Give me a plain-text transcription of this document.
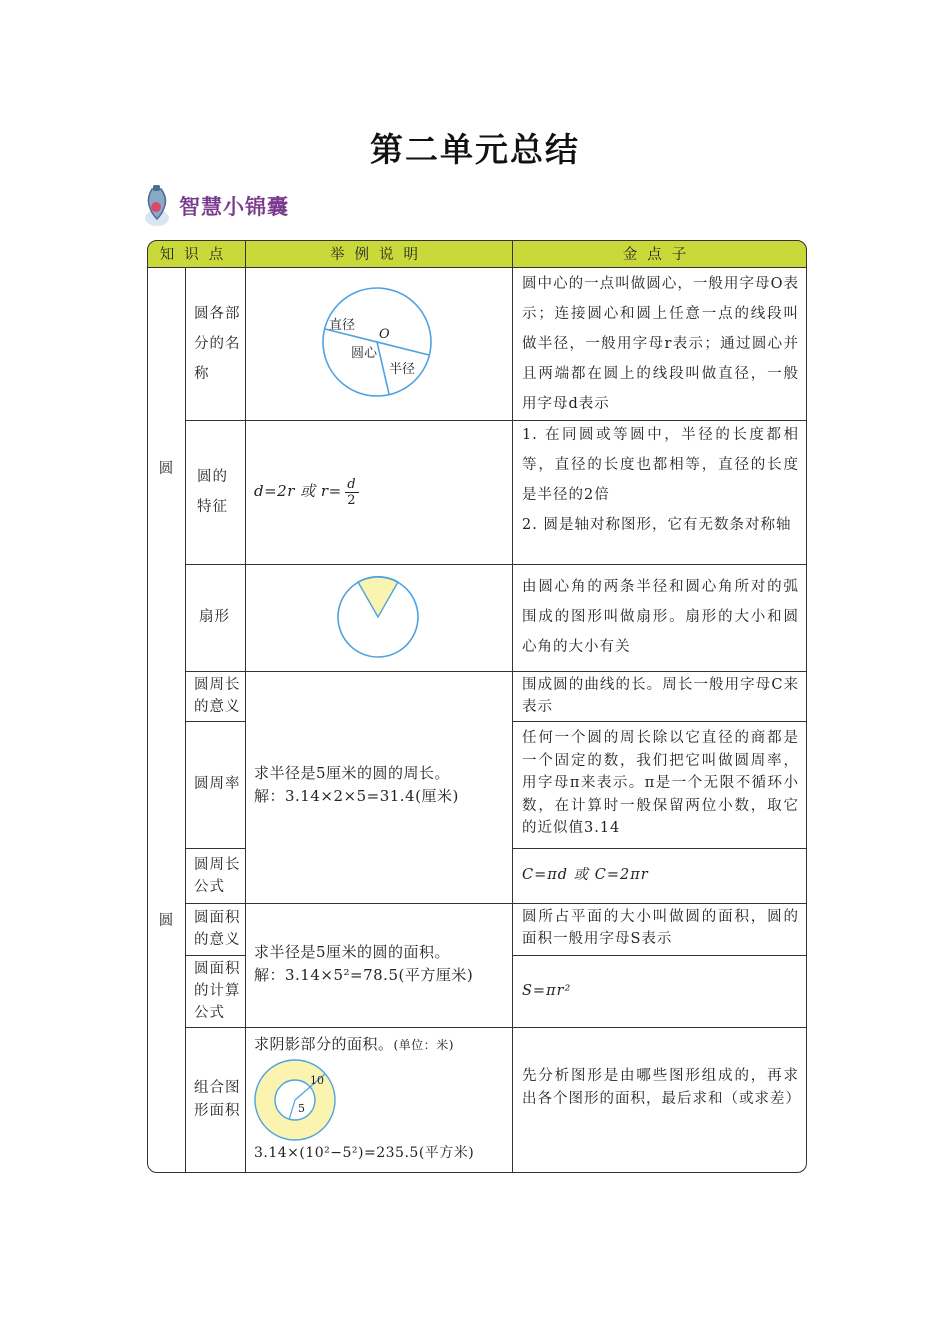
第二单元总结
智慧小锦囊
知识点	举例说明	金点子
圆
圆
圆各部分的名称
圆的特征
扇形
圆中心的一点叫做圆心，一般用字母O表示；连接圆心和圆上任意一点的线段叫做半径，一般用字母r表示；通过圆心并且两端都在圆上的线段叫做直径，一般用字母d表示
1. 在同圆或等圆中，半径的长度都相等，直径的长度也都相等，直径的长度是半径的2倍
2. 圆是轴对称图形，它有无数条对称轴
由圆心角的两条半径和圆心角所对的弧围成的图形叫做扇形。扇形的大小和圆心角的大小有关
直径
O
圆心
半径
d=2r 或 $r= \frac{d}{2}$
圆周长的意义
圆周率
圆周长公式
圆面积的意义
圆面积的计算公式
组合图形面积
围成圆的曲线的长。周长一般用字母C来表示
任何一个圆的周长除以它直径的商都是一个固定的数，我们把它叫做圆周率，用字母π来表示。π是一个无限不循环小数，在计算时一般保留两位小数，取它的近似值3.14
C=πd 或 C=2πr
圆所占平面的大小叫做圆的面积，圆的面积一般用字母S表示
S=πr²
先分析图形是由哪些图形组成的，再求出各个图形的面积，最后求和（或求差）
求半径是5厘米的圆的周长。
解：3.14×2×5=31.4(厘米)
求半径是5厘米的圆的面积。
解：3.14×5²=78.5(平方厘米)
求阴影部分的面积。(单位：米)
10
5
3.14×(10²−5²)=235.5(平方米)
